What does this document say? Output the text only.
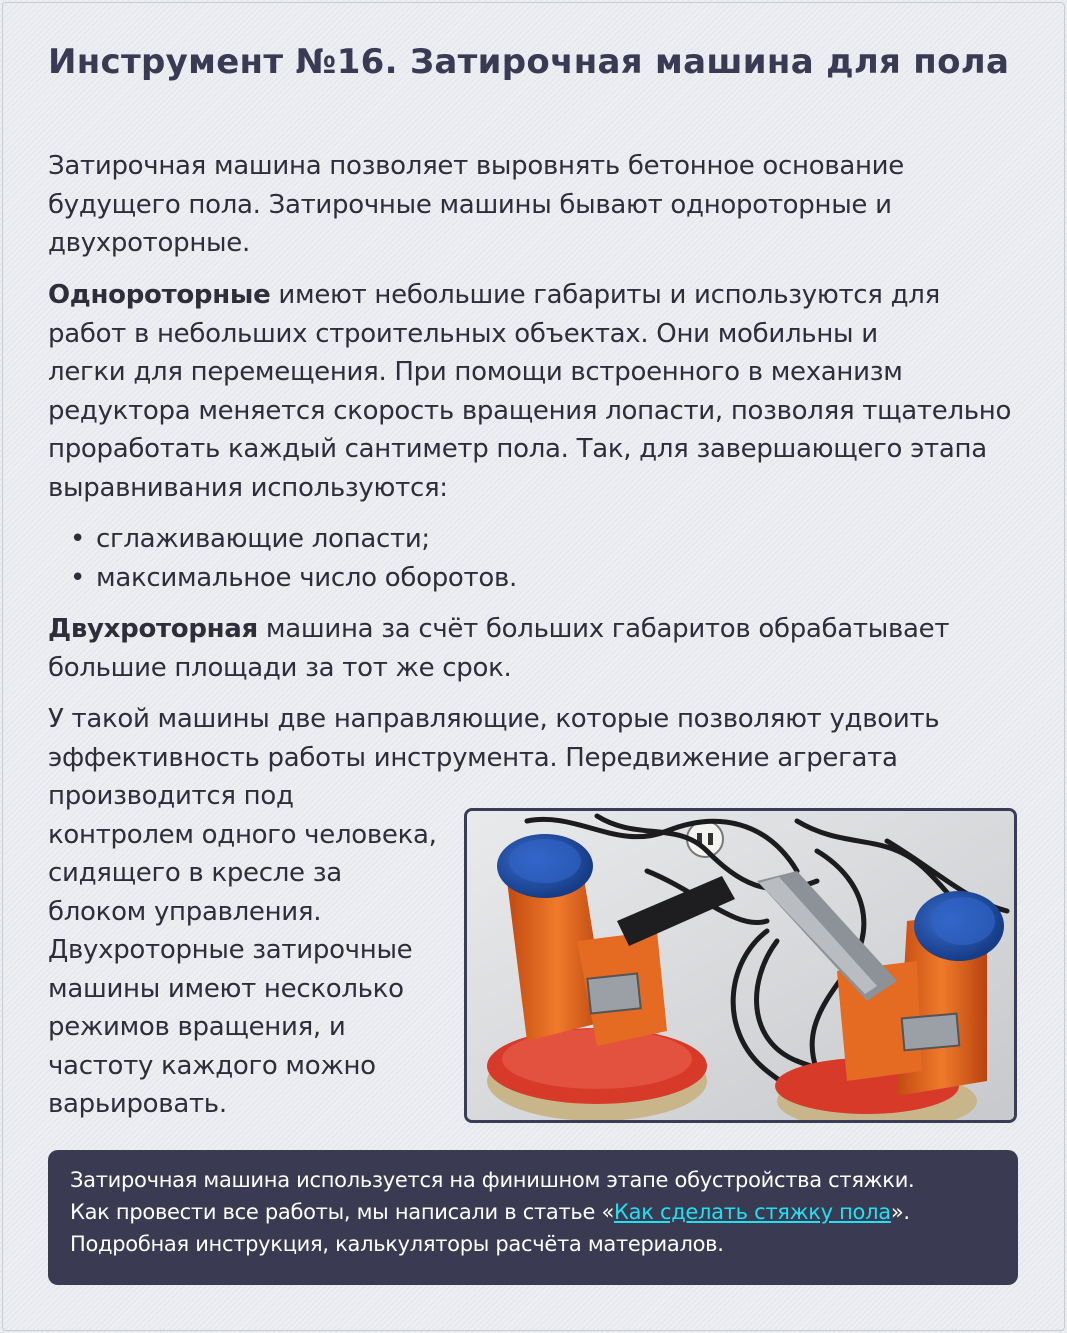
Инструмент №16. Затирочная машина для пола
Затирочная машина позволяет выровнять бетонное основание
будущего пола. Затирочные машины бывают однороторные и
двухроторные.
Однороторные имеют небольшие габариты и используются для
работ в небольших строительных объектах. Они мобильны и
легки для перемещения. При помощи встроенного в механизм
редуктора меняется скорость вращения лопасти, позволяя тщательно
проработать каждый сантиметр пола. Так, для завершающего этапа
выравнивания используются:
• сглаживающие лопасти;
• максимальное число оборотов.
Двухроторная машина за счёт больших габаритов обрабатывает
большие площади за тот же срок.
У такой машины две направляющие, которые позволяют удвоить
эффективность работы инструмента. Передвижение агрегата
производится под
контролем одного человека,
сидящего в кресле за
блоком управления.
Двухроторные затирочные
машины имеют несколько
режимов вращения, и
частоту каждого можно
варьировать.
Затирочная машина используется на финишном этапе обустройства стяжки.
Как провести все работы, мы написали в статье «Как сделать стяжку пола».
Подробная инструкция, калькуляторы расчёта материалов.
